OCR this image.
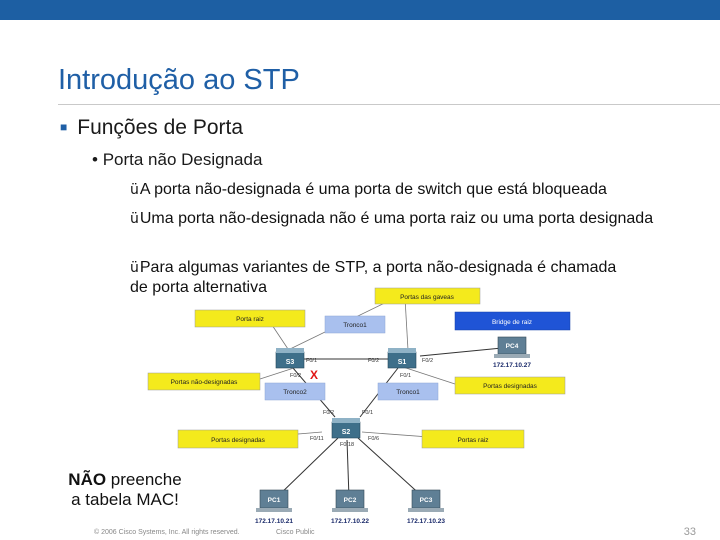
Introdução ao STP
■ Funções de Porta
• Porta não Designada
üA porta não-designada é uma porta de switch que está bloqueada
üUma porta não-designada não é uma porta raiz ou uma porta designada
üPara algumas variantes de STP, a porta não-designada é chamada de porta alternativa
Portas das gaveas
Porta raiz
Tronco1	Bridge de raiz
Portas não-designadas
Tronco2	Tronco1
Portas designadas
Portas designadas	Portas raiz
S3	S1
S2
F0/1
F0/2
F0/2
F0/1
F0/2
F0/2	F0/1
F0/11
F0/18
F0/6
X
PC4
172.17.10.27
PC1
172.17.10.21
PC2
172.17.10.22
PC3
172.17.10.23
NÃO preenche
a tabela MAC!
© 2006 Cisco Systems, Inc. All rights reserved.	Cisco Public	33
